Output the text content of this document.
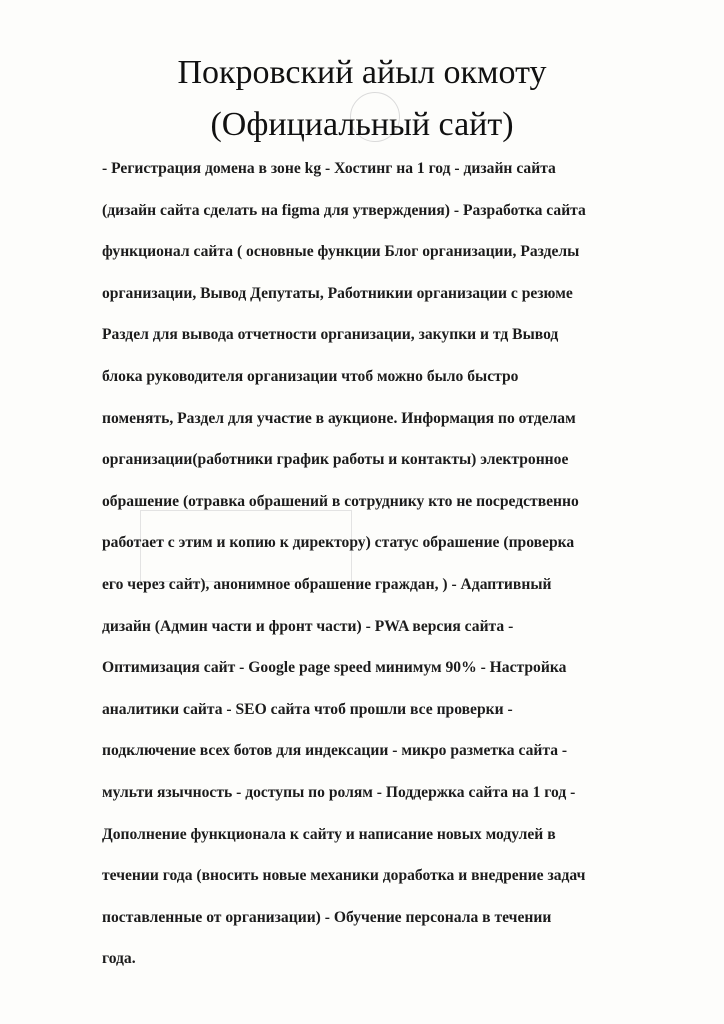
Покровский айыл окмоту
(Официальный сайт)
- Регистрация домена в зоне kg - Хостинг на 1 год - дизайн сайта
(дизайн сайта сделать на figma для утверждения) - Разработка сайта
функционал сайта ( основные функции Блог организации, Разделы
организации, Вывод Депутаты, Работникии организации с резюме
Раздел для вывода отчетности организации, закупки и тд Вывод
блока руководителя организации чтоб можно было быстро
поменять, Раздел для участие в аукционе. Информация по отделам
организации(работники график работы и контакты) электронное
обрашение (отравка обрашений в сотруднику кто не посредственно
работает с этим и копию к директору) статус обрашение (проверка
его через сайт), анонимное обрашение граждан, ) - Адаптивный
дизайн (Админ части и фронт части) - PWA версия сайта -
Оптимизация сайт - Google page speed минимум 90% - Настройка
аналитики сайта - SEO сайта чтоб прошли все проверки -
подключение всех ботов для индексации - микро разметка сайта -
мульти язычность - доступы по ролям - Поддержка сайта на 1 год -
Дополнение функционала к сайту и написание новых модулей в
течении года (вносить новые механики доработка и внедрение задач
поставленные от организации) - Обучение персонала в течении
года.
